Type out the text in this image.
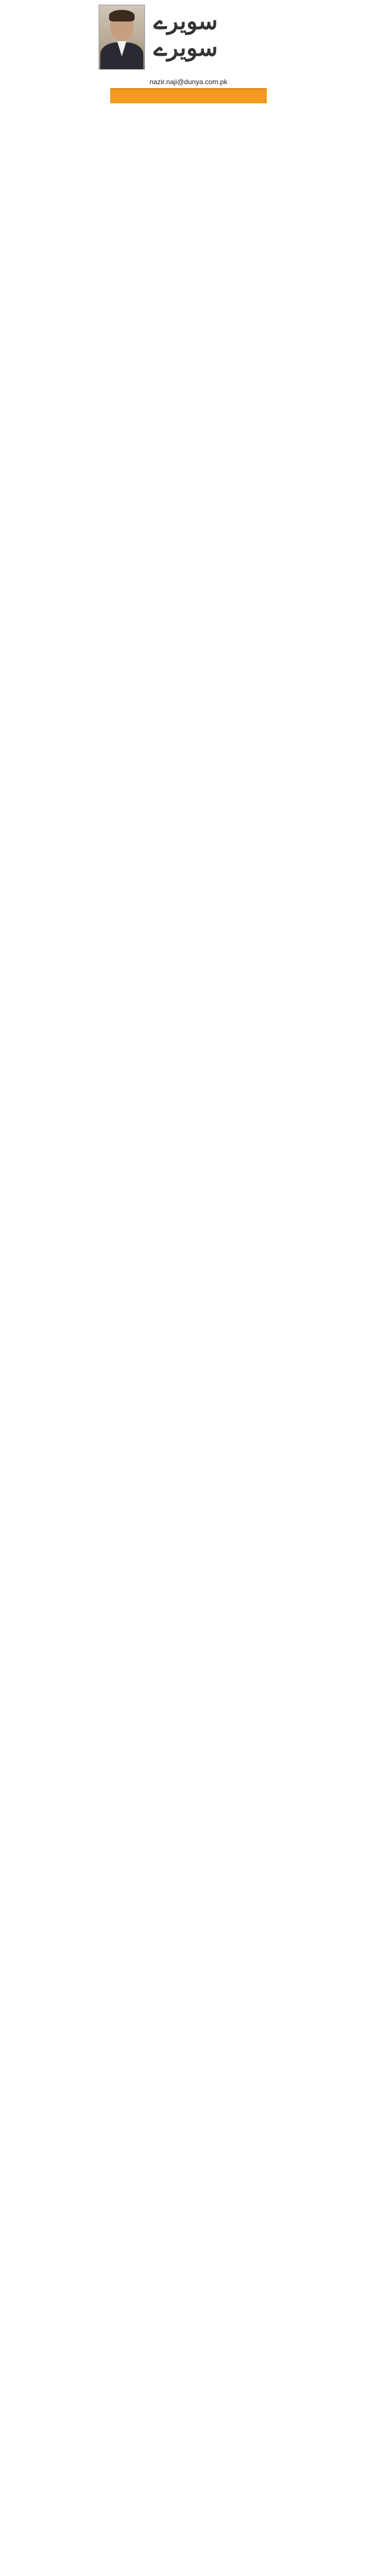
سویرے سویرے
nazir.naji@dunya.com.pk
